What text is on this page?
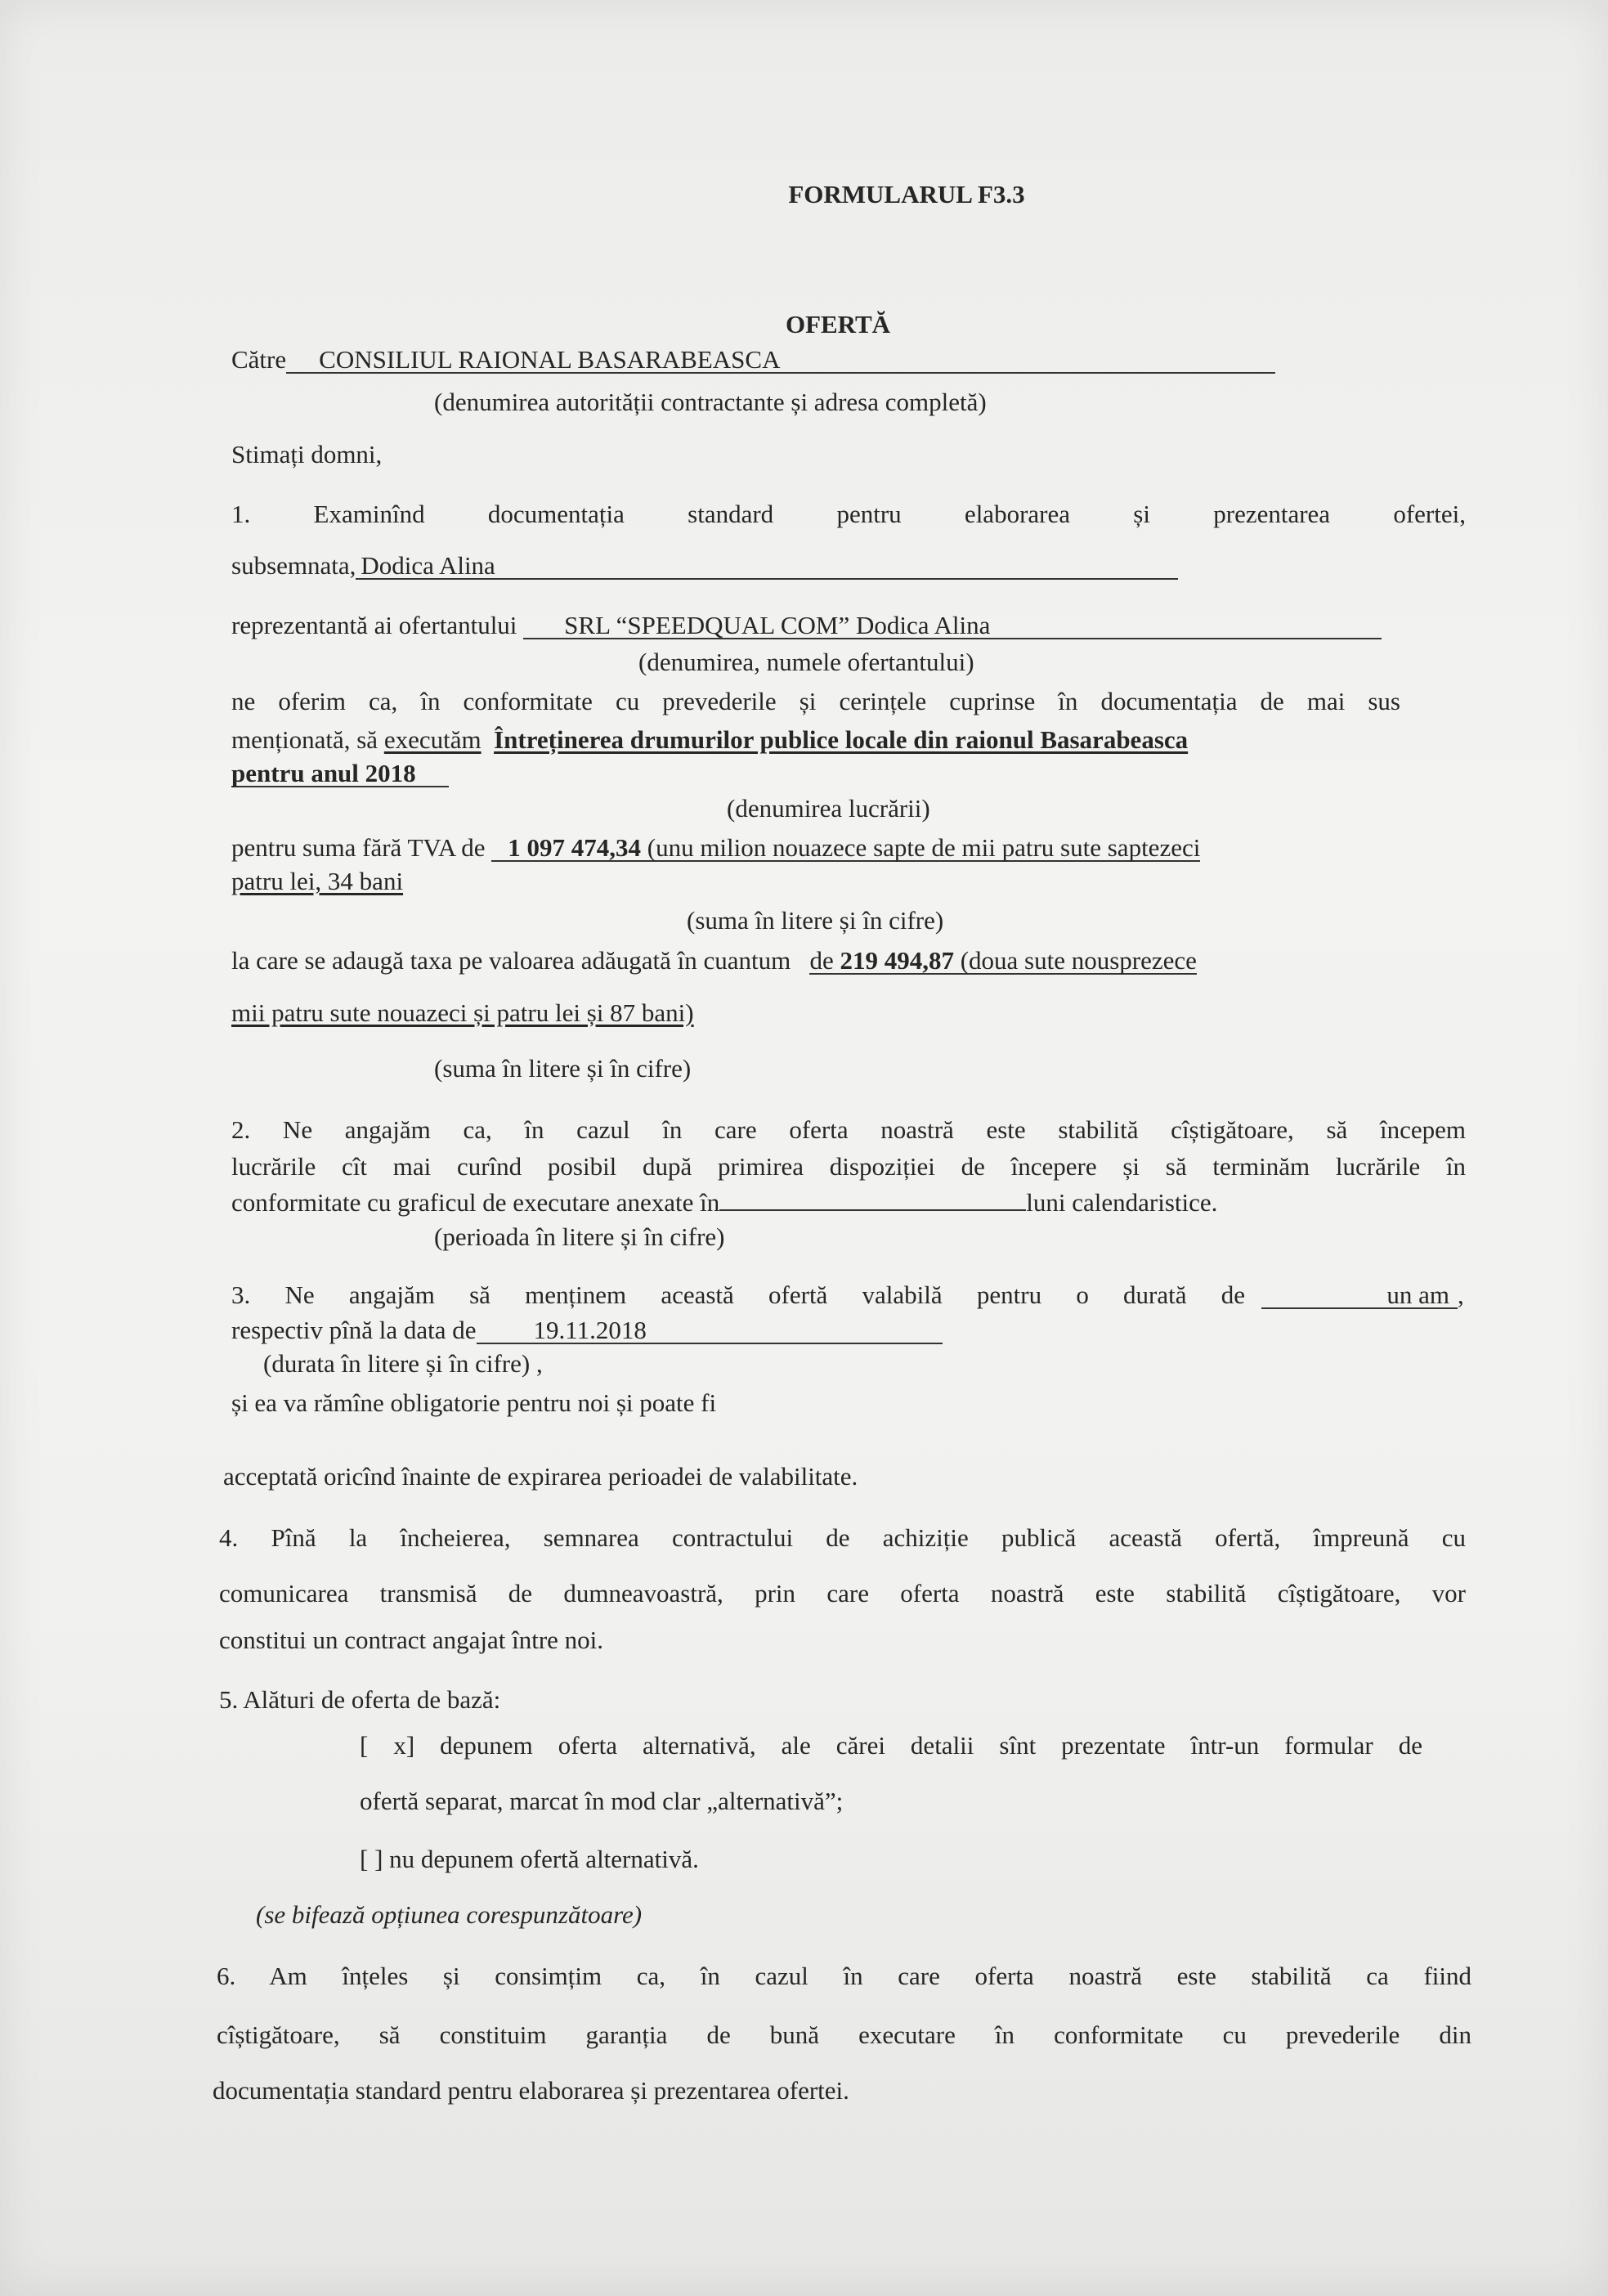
FORMULARUL F3.3
OFERTĂ
Către CONSILIUL RAIONAL BASARABEASCA
(denumirea autorității contractante și adresa completă)
Stimați domni,
1. Examinînd documentația standard pentru elaborarea și prezentarea ofertei,
subsemnata, Dodica Alina
reprezentantă ai ofertantului SRL “SPEEDQUAL COM” Dodica Alina
(denumirea, numele ofertantului)
ne oferim ca, în conformitate cu prevederile și cerințele cuprinse în documentația de mai sus
menționată, să executăm Întreținerea drumurilor publice locale din raionul Basarabeasca
pentru anul 2018
(denumirea lucrării)
pentru suma fără TVA de 1 097 474,34 (unu milion nouazece sapte de mii patru sute saptezeci
patru lei, 34 bani
(suma în litere și în cifre)
la care se adaugă taxa pe valoarea adăugată în cuantum de 219 494,87 (doua sute nousprezece
mii patru sute nouazeci și patru lei și 87 bani)
(suma în litere și în cifre)
2. Ne angajăm ca, în cazul în care oferta noastră este stabilită cîștigătoare, să începem
lucrările cît mai curînd posibil după primirea dispoziției de începere și să terminăm lucrările în
conformitate cu graficul de executare anexate în	luni calendaristice.
(perioada în litere și în cifre)
3. Ne angajăm să menținem această ofertă valabilă pentru o durată de	un am ,
respectiv pînă la data de 19.11.2018
(durata în litere și în cifre) ,
și ea va rămîne obligatorie pentru noi și poate fi
acceptată oricînd înainte de expirarea perioadei de valabilitate.
4. Pînă la încheierea, semnarea contractului de achiziție publică această ofertă, împreună cu
comunicarea transmisă de dumneavoastră, prin care oferta noastră este stabilită cîștigătoare, vor
constitui un contract angajat între noi.
5. Alături de oferta de bază:
[ x] depunem oferta alternativă, ale cărei detalii sînt prezentate într-un formular de
ofertă separat, marcat în mod clar „alternativă”;
[ ] nu depunem ofertă alternativă.
(se bifează opțiunea corespunzătoare)
6. Am înțeles și consimțim ca, în cazul în care oferta noastră este stabilită ca fiind
cîștigătoare, să constituim garanția de bună executare în conformitate cu prevederile din
documentația standard pentru elaborarea și prezentarea ofertei.
